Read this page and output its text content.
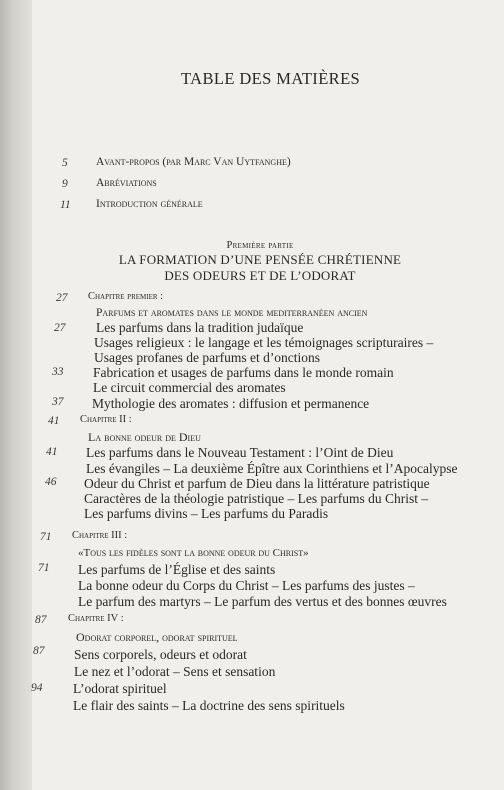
TABLE DES MATIÈRES
5 Avant-propos (par Marc Van Uytfanghe)
9 Abréviations
11 Introduction générale
Première partie
LA FORMATION D’UNE PENSÉE CHRÉTIENNE
DES ODEURS ET DE L’ODORAT
27 Chapitre premier :
Parfums et aromates dans le monde mediterranéen ancien
27 Les parfums dans la tradition judaïque
Usages religieux : le langage et les témoignages scripturaires –
Usages profanes de parfums et d’onctions
33 Fabrication et usages de parfums dans le monde romain
Le circuit commercial des aromates
37 Mythologie des aromates : diffusion et permanence
41 Chapitre II :
La bonne odeur de Dieu
41 Les parfums dans le Nouveau Testament : l’Oint de Dieu
Les évangiles – La deuxième Épître aux Corinthiens et l’Apocalypse
46 Odeur du Christ et parfum de Dieu dans la littérature patristique
Caractères de la théologie patristique – Les parfums du Christ –
Les parfums divins – Les parfums du Paradis
71 Chapitre III :
«Tous les fidèles sont la bonne odeur du Christ»
71 Les parfums de l’Église et des saints
La bonne odeur du Corps du Christ – Les parfums des justes –
Le parfum des martyrs – Le parfum des vertus et des bonnes œuvres
87 Chapitre IV :
Odorat corporel, odorat spirituel
87 Sens corporels, odeurs et odorat
Le nez et l’odorat – Sens et sensation
94 L’odorat spirituel
Le flair des saints – La doctrine des sens spirituels
